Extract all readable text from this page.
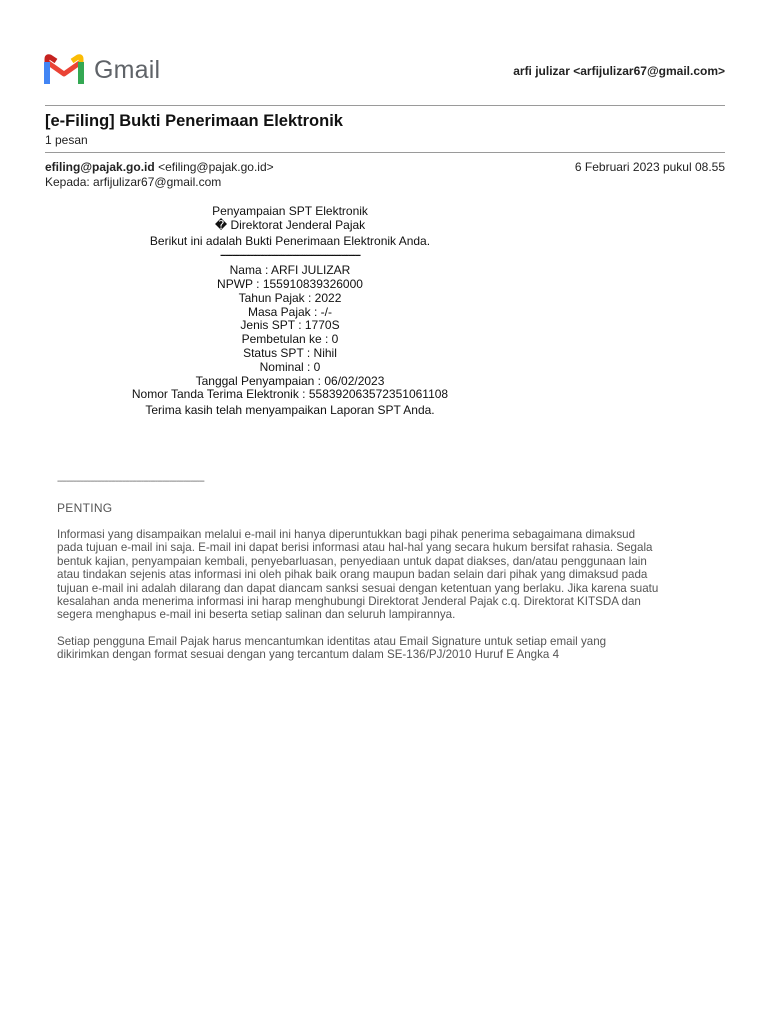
Gmail	arfi julizar <arfijulizar67@gmail.com>
[e-Filing] Bukti Penerimaan Elektronik
1 pesan
efiling@pajak.go.id <efiling@pajak.go.id>
Kepada: arfijulizar67@gmail.com
6 Februari 2023 pukul 08.55
Penyampaian SPT Elektronik
� Direktorat Jenderal Pajak
Berikut ini adalah Bukti Penerimaan Elektronik Anda.
------------------------------------------------------------
Nama : ARFI JULIZAR
NPWP : 155910839326000
Tahun Pajak : 2022
Masa Pajak : -/-
Jenis SPT : 1770S
Pembetulan ke : 0
Status SPT : Nihil
Nominal : 0
Tanggal Penyampaian : 06/02/2023
Nomor Tanda Terima Elektronik : 558392063572351061108
Terima kasih telah menyampaikan Laporan SPT Anda.
---------------------------------------------------------------
PENTING
Informasi yang disampaikan melalui e-mail ini hanya diperuntukkan bagi pihak penerima sebagaimana dimaksud
pada tujuan e-mail ini saja. E-mail ini dapat berisi informasi atau hal-hal yang secara hukum bersifat rahasia. Segala
bentuk kajian, penyampaian kembali, penyebarluasan, penyediaan untuk dapat diakses, dan/atau penggunaan lain
atau tindakan sejenis atas informasi ini oleh pihak baik orang maupun badan selain dari pihak yang dimaksud pada
tujuan e-mail ini adalah dilarang dan dapat diancam sanksi sesuai dengan ketentuan yang berlaku. Jika karena suatu
kesalahan anda menerima informasi ini harap menghubungi Direktorat Jenderal Pajak c.q. Direktorat KITSDA dan
segera menghapus e-mail ini beserta setiap salinan dan seluruh lampirannya.
Setiap pengguna Email Pajak harus mencantumkan identitas atau Email Signature untuk setiap email yang
dikirimkan dengan format sesuai dengan yang tercantum dalam SE-136/PJ/2010 Huruf E Angka 4
